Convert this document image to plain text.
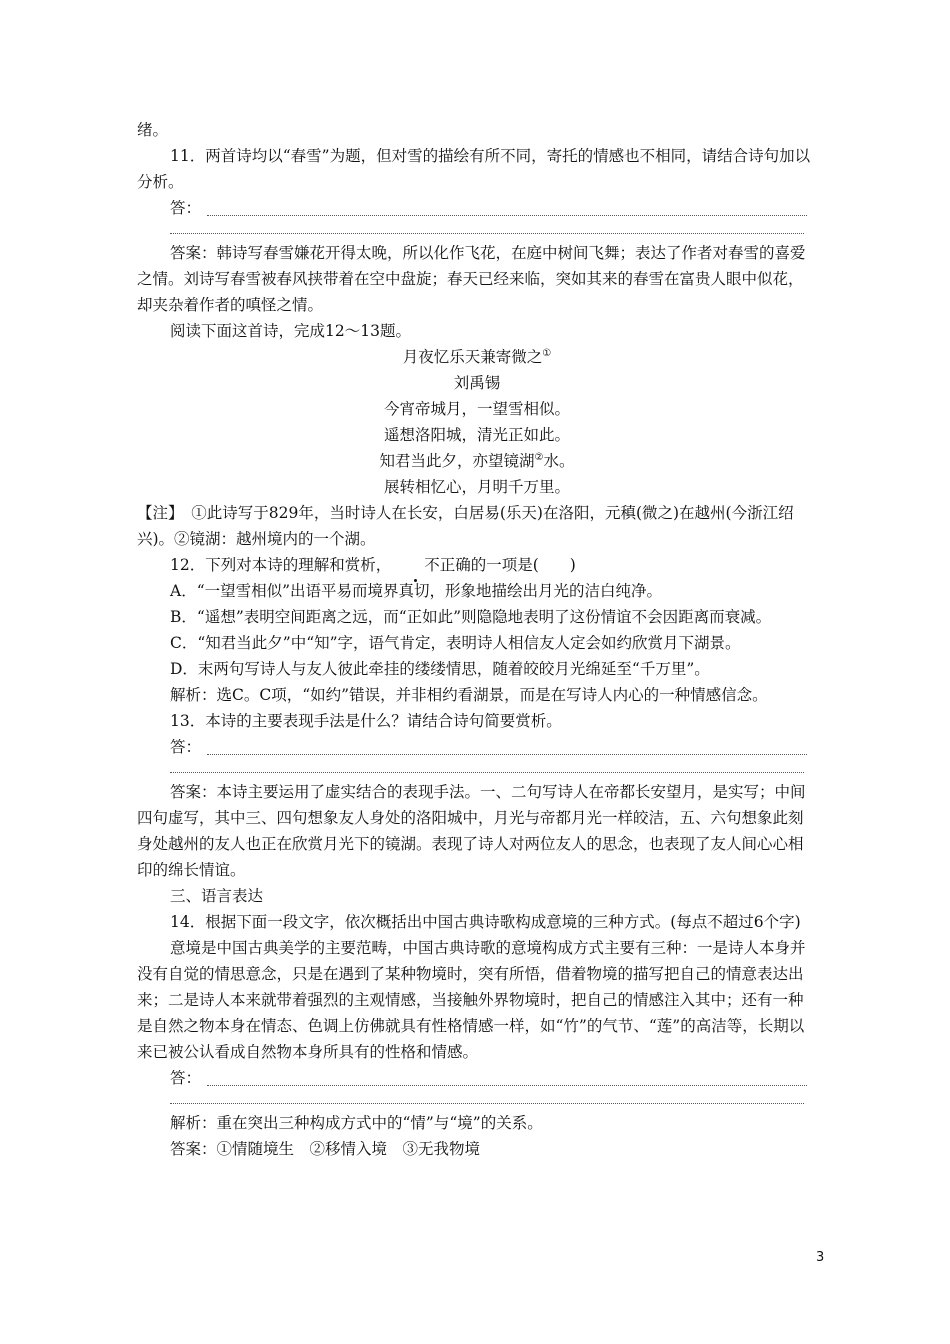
绪。

11．两首诗均以“春雪”为题，但对雪的描绘有所不同，寄托的情感也不相同，请结合诗句加以分析。

答：

答案：韩诗写春雪嫌花开得太晚，所以化作飞花，在庭中树间飞舞；表达了作者对春雪的喜爱之情。刘诗写春雪被春风挟带着在空中盘旋；春天已经来临，突如其来的春雪在富贵人眼中似花，却夹杂着作者的嗔怪之情。

阅读下面这首诗，完成12～13题。

月夜忆乐天兼寄微之①

刘禹锡

今宵帝城月，一望雪相似。

遥想洛阳城，清光正如此。

知君当此夕，亦望镜湖②水。

展转相忆心，月明千万里。

【注】　 ①此诗写于829年，当时诗人在长安，白居易(乐天)在洛阳，元稹(微之)在越州(今浙江绍兴)。②镜湖：越州境内的一个湖。

12．下列对本诗的理解和赏析， 不正确的一项是(　　)

A．“一望雪相似”出语平易而境界真切，形象地描绘出月光的洁白纯净。

B．“遥想”表明空间距离之远，而“正如此”则隐隐地表明了这份情谊不会因距离而衰减。

C．“知君当此夕”中“知”字，语气肯定，表明诗人相信友人定会如约欣赏月下湖景。

D．末两句写诗人与友人彼此牵挂的缕缕情思，随着皎皎月光绵延至“千万里”。

解析：选C。C项，“如约”错误，并非相约看湖景，而是在写诗人内心的一种情感信念。

13．本诗的主要表现手法是什么？请结合诗句简要赏析。

答：

答案：本诗主要运用了虚实结合的表现手法。一、二句写诗人在帝都长安望月，是实写；中间四句虚写，其中三、四句想象友人身处的洛阳城中，月光与帝都月光一样皎洁，五、六句想象此刻身处越州的友人也正在欣赏月光下的镜湖。表现了诗人对两位友人的思念，也表现了友人间心心相印的绵长情谊。

三、语言表达

14．根据下面一段文字，依次概括出中国古典诗歌构成意境的三种方式。(每点不超过6个字)

意境是中国古典美学的主要范畴，中国古典诗歌的意境构成方式主要有三种：一是诗人本身并没有自觉的情思意念，只是在遇到了某种物境时，突有所悟，借着物境的描写把自己的情意表达出来；二是诗人本来就带着强烈的主观情感，当接触外界物境时，把自己的情感注入其中；还有一种是自然之物本身在情态、色调上仿佛就具有性格情感一样，如“竹”的气节、“莲”的高洁等，长期以来已被公认看成自然物本身所具有的性格和情感。

答：

解析：重在突出三种构成方式中的“情”与“境”的关系。

答案：①情随境生　②移情入境　③无我物境

3
